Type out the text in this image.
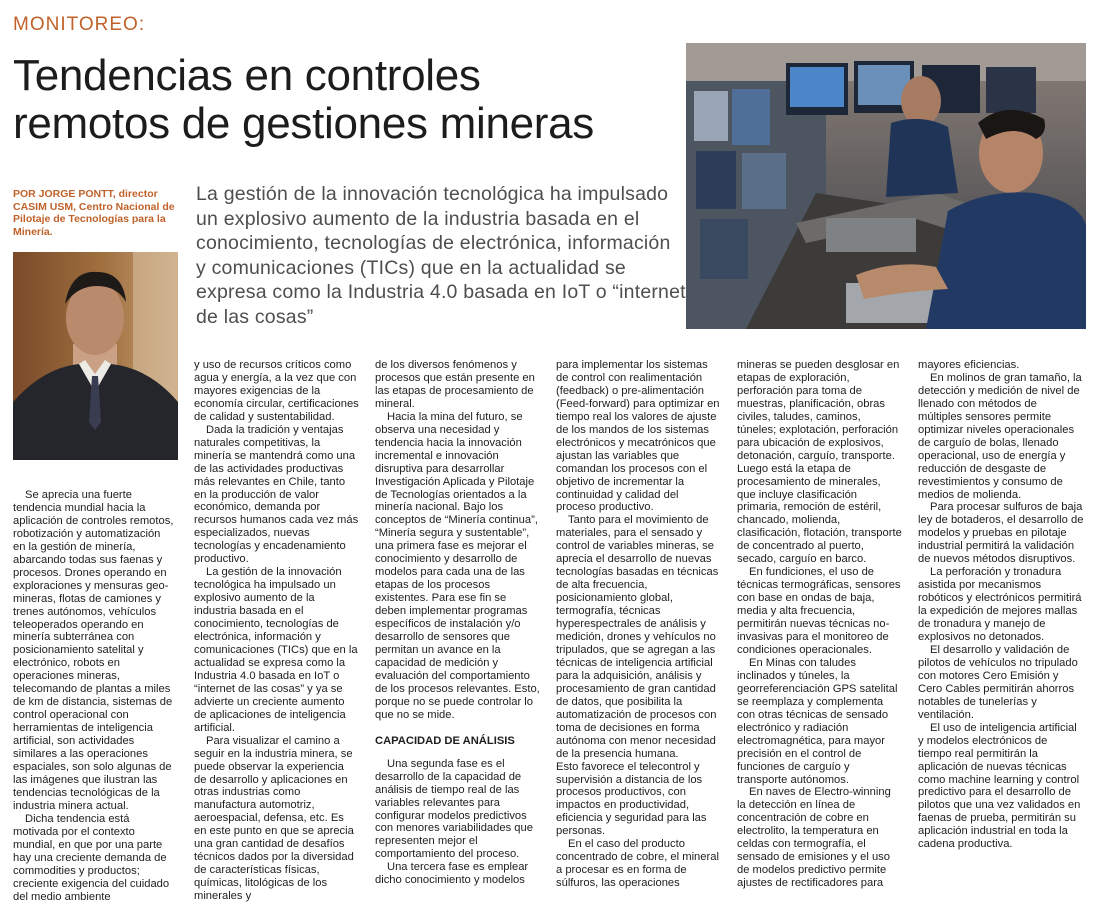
MONITOREO:
Tendencias en controles
remotos de gestiones mineras
POR JORGE PONTT, director CASIM USM, Centro Nacional de Pilotaje de Tecnologías para la Minería.
La gestión de la innovación tecnológica ha impulsado un explosivo aumento de la industria basada en el conocimiento, tecnologías de electrónica, información y comunicaciones (TICs) que en la actualidad se expresa como la Industria 4.0 basada en IoT o “internet de las cosas”

Se aprecia una fuerte tendencia mundial hacia la aplicación de controles remotos, robotización y automatización en la gestión de minería, abarcando todas sus faenas y procesos. Drones operando en exploraciones y mensuras geo-mineras, flotas de camiones y trenes autónomos, vehículos teleoperados operando en minería subterránea con posicionamiento satelital y electrónico, robots en operaciones mineras, telecomando de plantas a miles de km de distancia, sistemas de control operacional con herramientas de inteligencia artificial, son actividades similares a las operaciones espaciales, son solo algunas de las imágenes que ilustran las tendencias tecnológicas de la industria minera actual.

Dicha tendencia está motivada por el contexto mundial, en que por una parte hay una creciente demanda de commodities y productos; creciente exigencia del cuidado del medio ambiente

y uso de recursos críticos como agua y energía, a la vez que con mayores exigencias de la economía circular, certificaciones de calidad y sustentabilidad.

Dada la tradición y ventajas naturales competitivas, la minería se mantendrá como una de las actividades productivas más relevantes en Chile, tanto en la producción de valor económico, demanda por recursos humanos cada vez más especializados, nuevas tecnologías y encadenamiento productivo.

La gestión de la innovación tecnológica ha impulsado un explosivo aumento de la industria basada en el conocimiento, tecnologías de electrónica, información y comunicaciones (TICs) que en la actualidad se expresa como la Industria 4.0 basada en IoT o “internet de las cosas” y ya se advierte un creciente aumento de aplicaciones de inteligencia artificial.

Para visualizar el camino a seguir en la industria minera, se puede observar la experiencia de desarrollo y aplicaciones en otras industrias como manufactura automotriz, aeroespacial, defensa, etc. Es en este punto en que se aprecia una gran cantidad de desafíos técnicos dados por la diversidad de características físicas, químicas, litológicas de los minerales y

de los diversos fenómenos y procesos que están presente en las etapas de procesamiento de mineral.

Hacia la mina del futuro, se observa una necesidad y tendencia hacia la innovación incremental e innovación disruptiva para desarrollar Investigación Aplicada y Pilotaje de Tecnologías orientados a la minería nacional. Bajo los conceptos de “Minería continua”, “Minería segura y sustentable”, una primera fase es mejorar el conocimiento y desarrollo de modelos para cada una de las etapas de los procesos existentes. Para ese fin se deben implementar programas específicos de instalación y/o desarrollo de sensores que permitan un avance en la capacidad de medición y evaluación del comportamiento de los procesos relevantes. Esto, porque no se puede controlar lo que no se mide.

CAPACIDAD DE ANÁLISIS

Una segunda fase es el desarrollo de la capacidad de análisis de tiempo real de las variables relevantes para configurar modelos predictivos con menores variabilidades que representen mejor el comportamiento del proceso.

Una tercera fase es emplear dicho conocimiento y modelos

para implementar los sistemas de control con realimentación (feedback) o pre-alimentación (Feed-forward) para optimizar en tiempo real los valores de ajuste de los mandos de los sistemas electrónicos y mecatrónicos que ajustan las variables que comandan los procesos con el objetivo de incrementar la continuidad y calidad del proceso productivo.

Tanto para el movimiento de materiales, para el sensado y control de variables mineras, se aprecia el desarrollo de nuevas tecnologías basadas en técnicas de alta frecuencia, posicionamiento global, termografía, técnicas hyperespectrales de análisis y medición, drones y vehículos no tripulados, que se agregan a las técnicas de inteligencia artificial para la adquisición, análisis y procesamiento de gran cantidad de datos, que posibilita la automatización de procesos con toma de decisiones en forma autónoma con menor necesidad de la presencia humana.

Esto favorece el telecontrol y supervisión a distancia de los procesos productivos, con impactos en productividad, eficiencia y seguridad para las personas.

En el caso del producto concentrado de cobre, el mineral a procesar es en forma de súlfuros, las operaciones

mineras se pueden desglosar en etapas de exploración, perforación para toma de muestras, planificación, obras civiles, taludes, caminos, túneles; explotación, perforación para ubicación de explosivos, detonación, carguío, transporte. Luego está la etapa de procesamiento de minerales, que incluye clasificación primaria, remoción de estéril, chancado, molienda, clasificación, flotación, transporte de concentrado al puerto, secado, carguío en barco.

En fundiciones, el uso de técnicas termográficas, sensores con base en ondas de baja, media y alta frecuencia, permitirán nuevas técnicas no-invasivas para el monitoreo de condiciones operacionales.

En Minas con taludes inclinados y túneles, la georreferenciación GPS satelital se reemplaza y complementa con otras técnicas de sensado electrónico y radiación electromagnética, para mayor precisión en el control de funciones de carguío y transporte autónomos.

En naves de Electro-winning la detección en línea de concentración de cobre en electrolito, la temperatura en celdas con termografía, el sensado de emisiones y el uso de modelos predictivo permite ajustes de rectificadores para

mayores eficiencias.

En molinos de gran tamaño, la detección y medición de nivel de llenado con métodos de múltiples sensores permite optimizar niveles operacionales de carguío de bolas, llenado operacional, uso de energía y reducción de desgaste de revestimientos y consumo de medios de molienda.

Para procesar sulfuros de baja ley de botaderos, el desarrollo de modelos y pruebas en pilotaje industrial permitirá la validación de nuevos métodos disruptivos.

La perforación y tronadura asistida por mecanismos robóticos y electrónicos permitirá la expedición de mejores mallas de tronadura y manejo de explosivos no detonados.

El desarrollo y validación de pilotos de vehículos no tripulado con motores Cero Emisión y Cero Cables permitirán ahorros notables de tunelerías y ventilación.

El uso de inteligencia artificial y modelos electrónicos de tiempo real permitirán la aplicación de nuevas técnicas como machine learning y control predictivo para el desarrollo de pilotos que una vez validados en faenas de prueba, permitirán su aplicación industrial en toda la cadena productiva.
